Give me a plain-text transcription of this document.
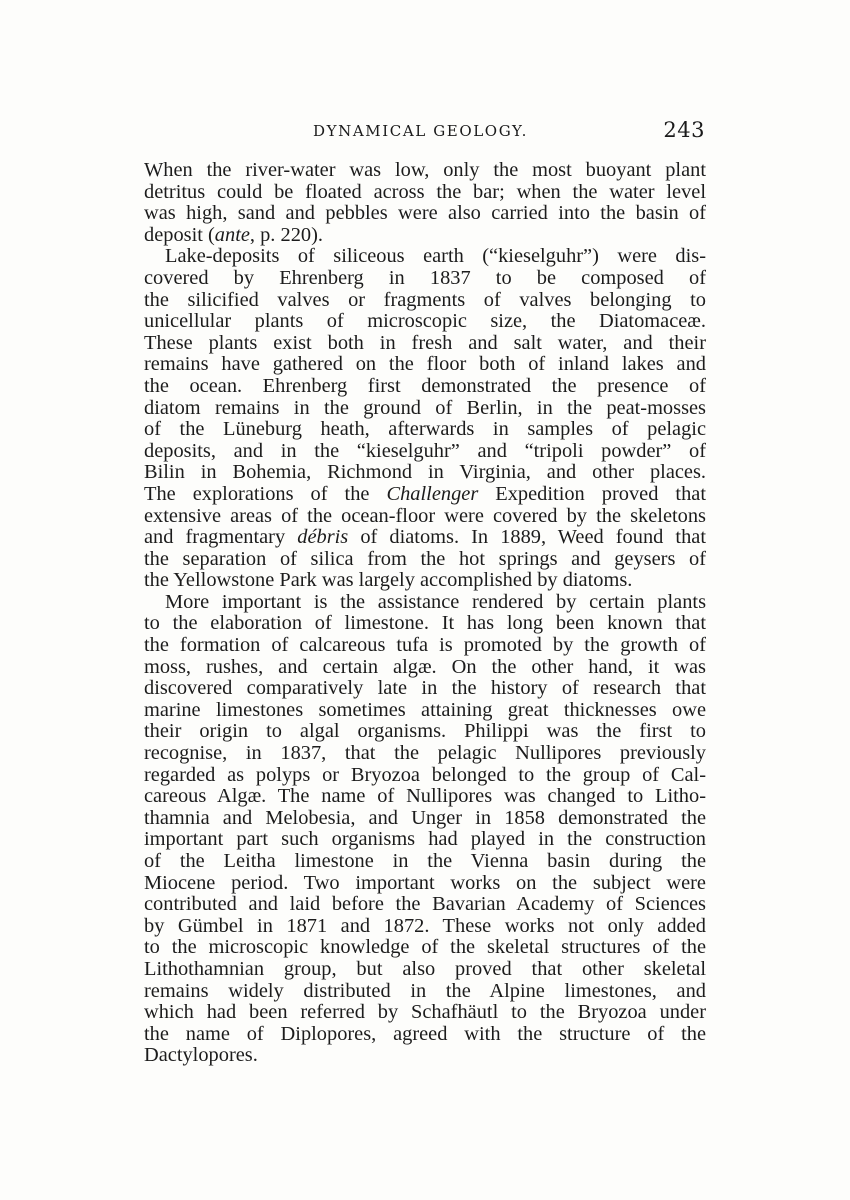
DYNAMICAL GEOLOGY.	243
When the river-water was low, only the most buoyant plant
detritus could be floated across the bar; when the water level
was high, sand and pebbles were also carried into the basin of
deposit (ante, p. 220).
Lake-deposits of siliceous earth (“kieselguhr”) were dis-
covered by Ehrenberg in 1837 to be composed of
the silicified valves or fragments of valves belonging to
unicellular plants of microscopic size, the Diatomaceæ.
These plants exist both in fresh and salt water, and their
remains have gathered on the floor both of inland lakes and
the ocean. Ehrenberg first demonstrated the presence of
diatom remains in the ground of Berlin, in the peat-mosses
of the Lüneburg heath, afterwards in samples of pelagic
deposits, and in the “kieselguhr” and “tripoli powder” of
Bilin in Bohemia, Richmond in Virginia, and other places.
The explorations of the Challenger Expedition proved that
extensive areas of the ocean-floor were covered by the skeletons
and fragmentary débris of diatoms. In 1889, Weed found that
the separation of silica from the hot springs and geysers of
the Yellowstone Park was largely accomplished by diatoms.
More important is the assistance rendered by certain plants
to the elaboration of limestone. It has long been known that
the formation of calcareous tufa is promoted by the growth of
moss, rushes, and certain algæ. On the other hand, it was
discovered comparatively late in the history of research that
marine limestones sometimes attaining great thicknesses owe
their origin to algal organisms. Philippi was the first to
recognise, in 1837, that the pelagic Nullipores previously
regarded as polyps or Bryozoa belonged to the group of Cal-
careous Algæ. The name of Nullipores was changed to Litho-
thamnia and Melobesia, and Unger in 1858 demonstrated the
important part such organisms had played in the construction
of the Leitha limestone in the Vienna basin during the
Miocene period. Two important works on the subject were
contributed and laid before the Bavarian Academy of Sciences
by Gümbel in 1871 and 1872. These works not only added
to the microscopic knowledge of the skeletal structures of the
Lithothamnian group, but also proved that other skeletal
remains widely distributed in the Alpine limestones, and
which had been referred by Schafhäutl to the Bryozoa under
the name of Diplopores, agreed with the structure of the
Dactylopores.
